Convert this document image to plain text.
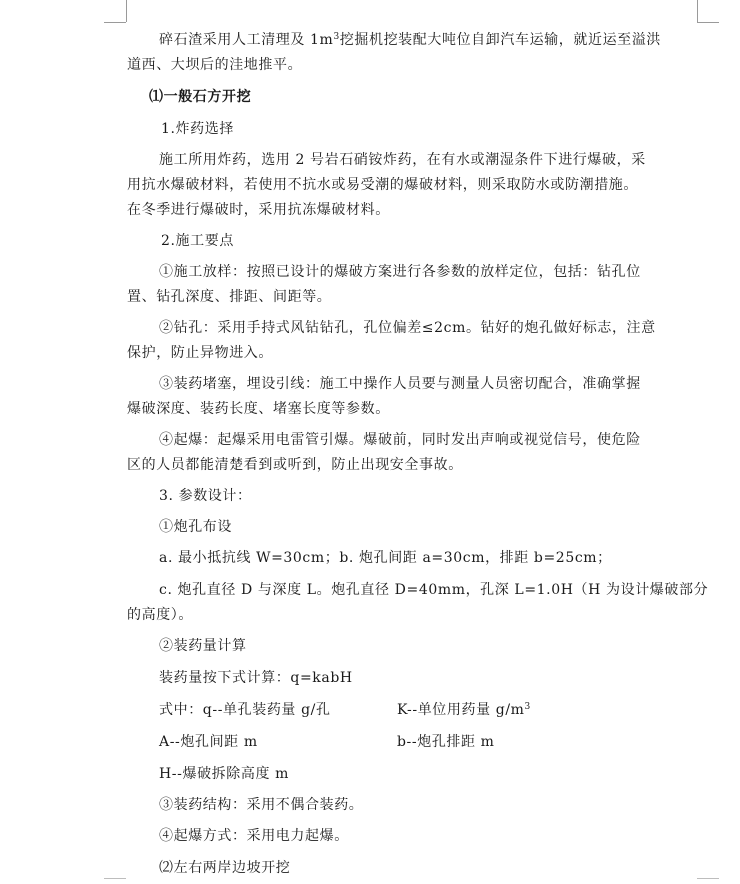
碎石渣采用人工清理及 $1m^3$挖掘机挖装配大吨位自卸汽车运输，就近运至溢洪
道西、大坝后的洼地推平。
⑴一般石方开挖
1.炸药选择
施工所用炸药，选用 2 号岩石硝铵炸药，在有水或潮湿条件下进行爆破，采
用抗水爆破材料，若使用不抗水或易受潮的爆破材料，则采取防水或防潮措施。
在冬季进行爆破时，采用抗冻爆破材料。
2.施工要点
①施工放样：按照已设计的爆破方案进行各参数的放样定位，包括：钻孔位
置、钻孔深度、排距、间距等。
②钻孔：采用手持式风钻钻孔，孔位偏差≤2cm。钻好的炮孔做好标志，注意
保护，防止异物进入。
③装药堵塞，埋设引线：施工中操作人员要与测量人员密切配合，准确掌握
爆破深度、装药长度、堵塞长度等参数。
④起爆：起爆采用电雷管引爆。爆破前，同时发出声响或视觉信号，使危险
区的人员都能清楚看到或听到，防止出现安全事故。
3. 参数设计：
①炮孔布设
a. 最小抵抗线 W=30cm；b. 炮孔间距 a=30cm，排距 b=25cm；
c. 炮孔直径 D 与深度 L。炮孔直径 D=40mm，孔深 L=1.0H（H 为设计爆破部分
的高度）。
②装药量计算
装药量按下式计算：q=kabH
式中：q--单孔装药量 g/孔	K--单位用药量 $g/m^3$
A--炮孔间距 m	b--炮孔排距 m
H--爆破拆除高度 m
③装药结构：采用不偶合装药。
④起爆方式：采用电力起爆。
⑵左右两岸边坡开挖
